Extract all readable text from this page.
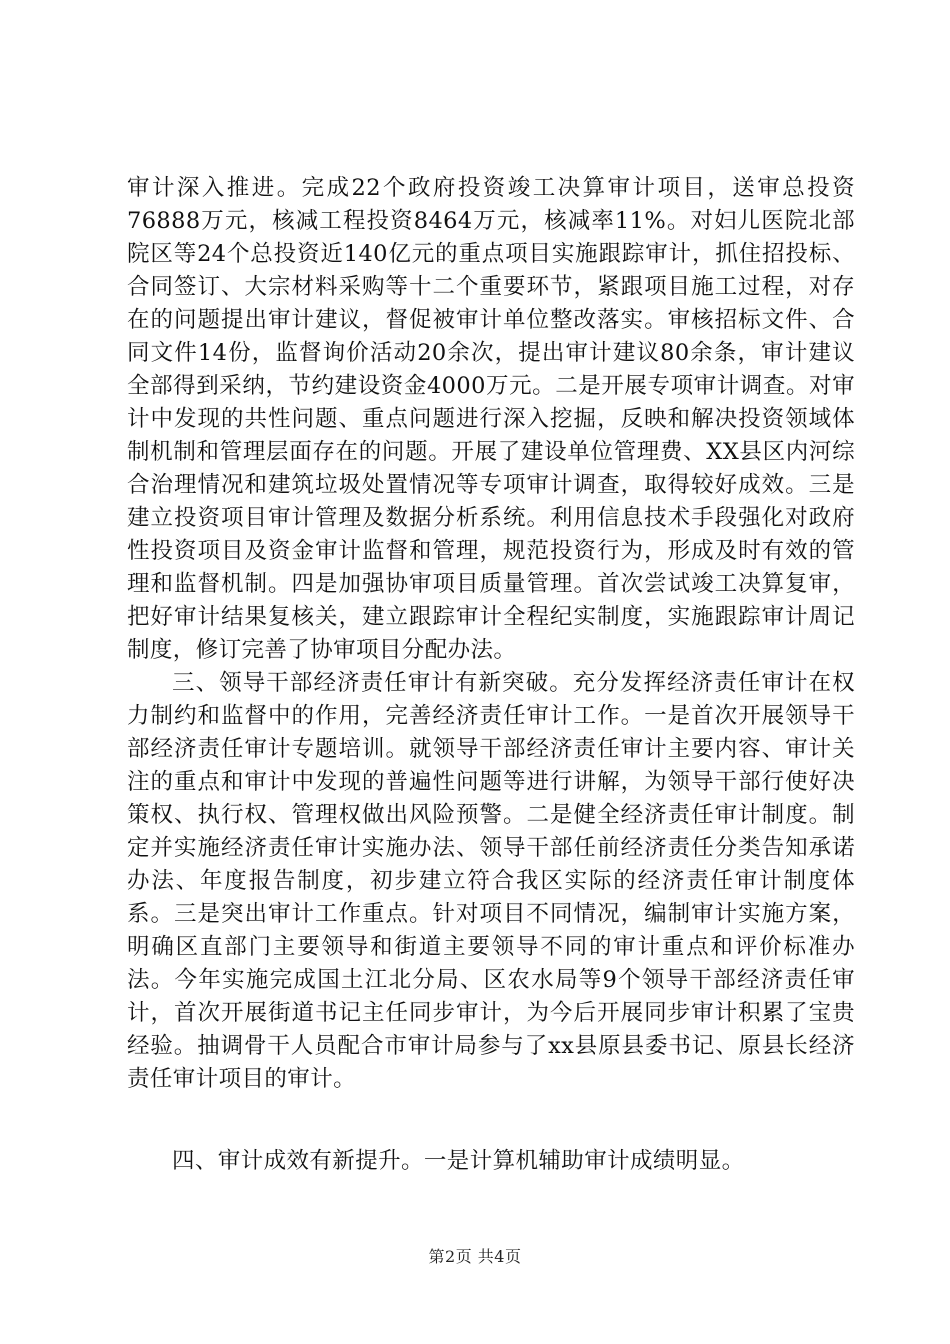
审计深入推进。完成22个政府投资竣工决算审计项目，送审总投资76888万元，核减工程投资8464万元，核减率11%。对妇儿医院北部院区等24个总投资近140亿元的重点项目实施跟踪审计，抓住招投标、合同签订、大宗材料采购等十二个重要环节，紧跟项目施工过程，对存在的问题提出审计建议，督促被审计单位整改落实。审核招标文件、合同文件14份，监督询价活动20余次，提出审计建议80余条，审计建议全部得到采纳，节约建设资金4000万元。二是开展专项审计调查。对审计中发现的共性问题、重点问题进行深入挖掘，反映和解决投资领域体制机制和管理层面存在的问题。开展了建设单位管理费、XX县区内河综合治理情况和建筑垃圾处置情况等专项审计调查，取得较好成效。三是建立投资项目审计管理及数据分析系统。利用信息技术手段强化对政府性投资项目及资金审计监督和管理，规范投资行为，形成及时有效的管理和监督机制。四是加强协审项目质量管理。首次尝试竣工决算复审，把好审计结果复核关，建立跟踪审计全程纪实制度，实施跟踪审计周记制度，修订完善了协审项目分配办法。

三、领导干部经济责任审计有新突破。充分发挥经济责任审计在权力制约和监督中的作用，完善经济责任审计工作。一是首次开展领导干部经济责任审计专题培训。就领导干部经济责任审计主要内容、审计关注的重点和审计中发现的普遍性问题等进行讲解，为领导干部行使好决策权、执行权、管理权做出风险预警。二是健全经济责任审计制度。制定并实施经济责任审计实施办法、领导干部任前经济责任分类告知承诺办法、年度报告制度，初步建立符合我区实际的经济责任审计制度体系。三是突出审计工作重点。针对项目不同情况，编制审计实施方案，明确区直部门主要领导和街道主要领导不同的审计重点和评价标准办法。今年实施完成国土江北分局、区农水局等9个领导干部经济责任审计，首次开展街道书记主任同步审计，为今后开展同步审计积累了宝贵经验。抽调骨干人员配合市审计局参与了xx县原县委书记、原县长经济责任审计项目的审计。

四、审计成效有新提升。一是计算机辅助审计成绩明显。

第2页 共4页
